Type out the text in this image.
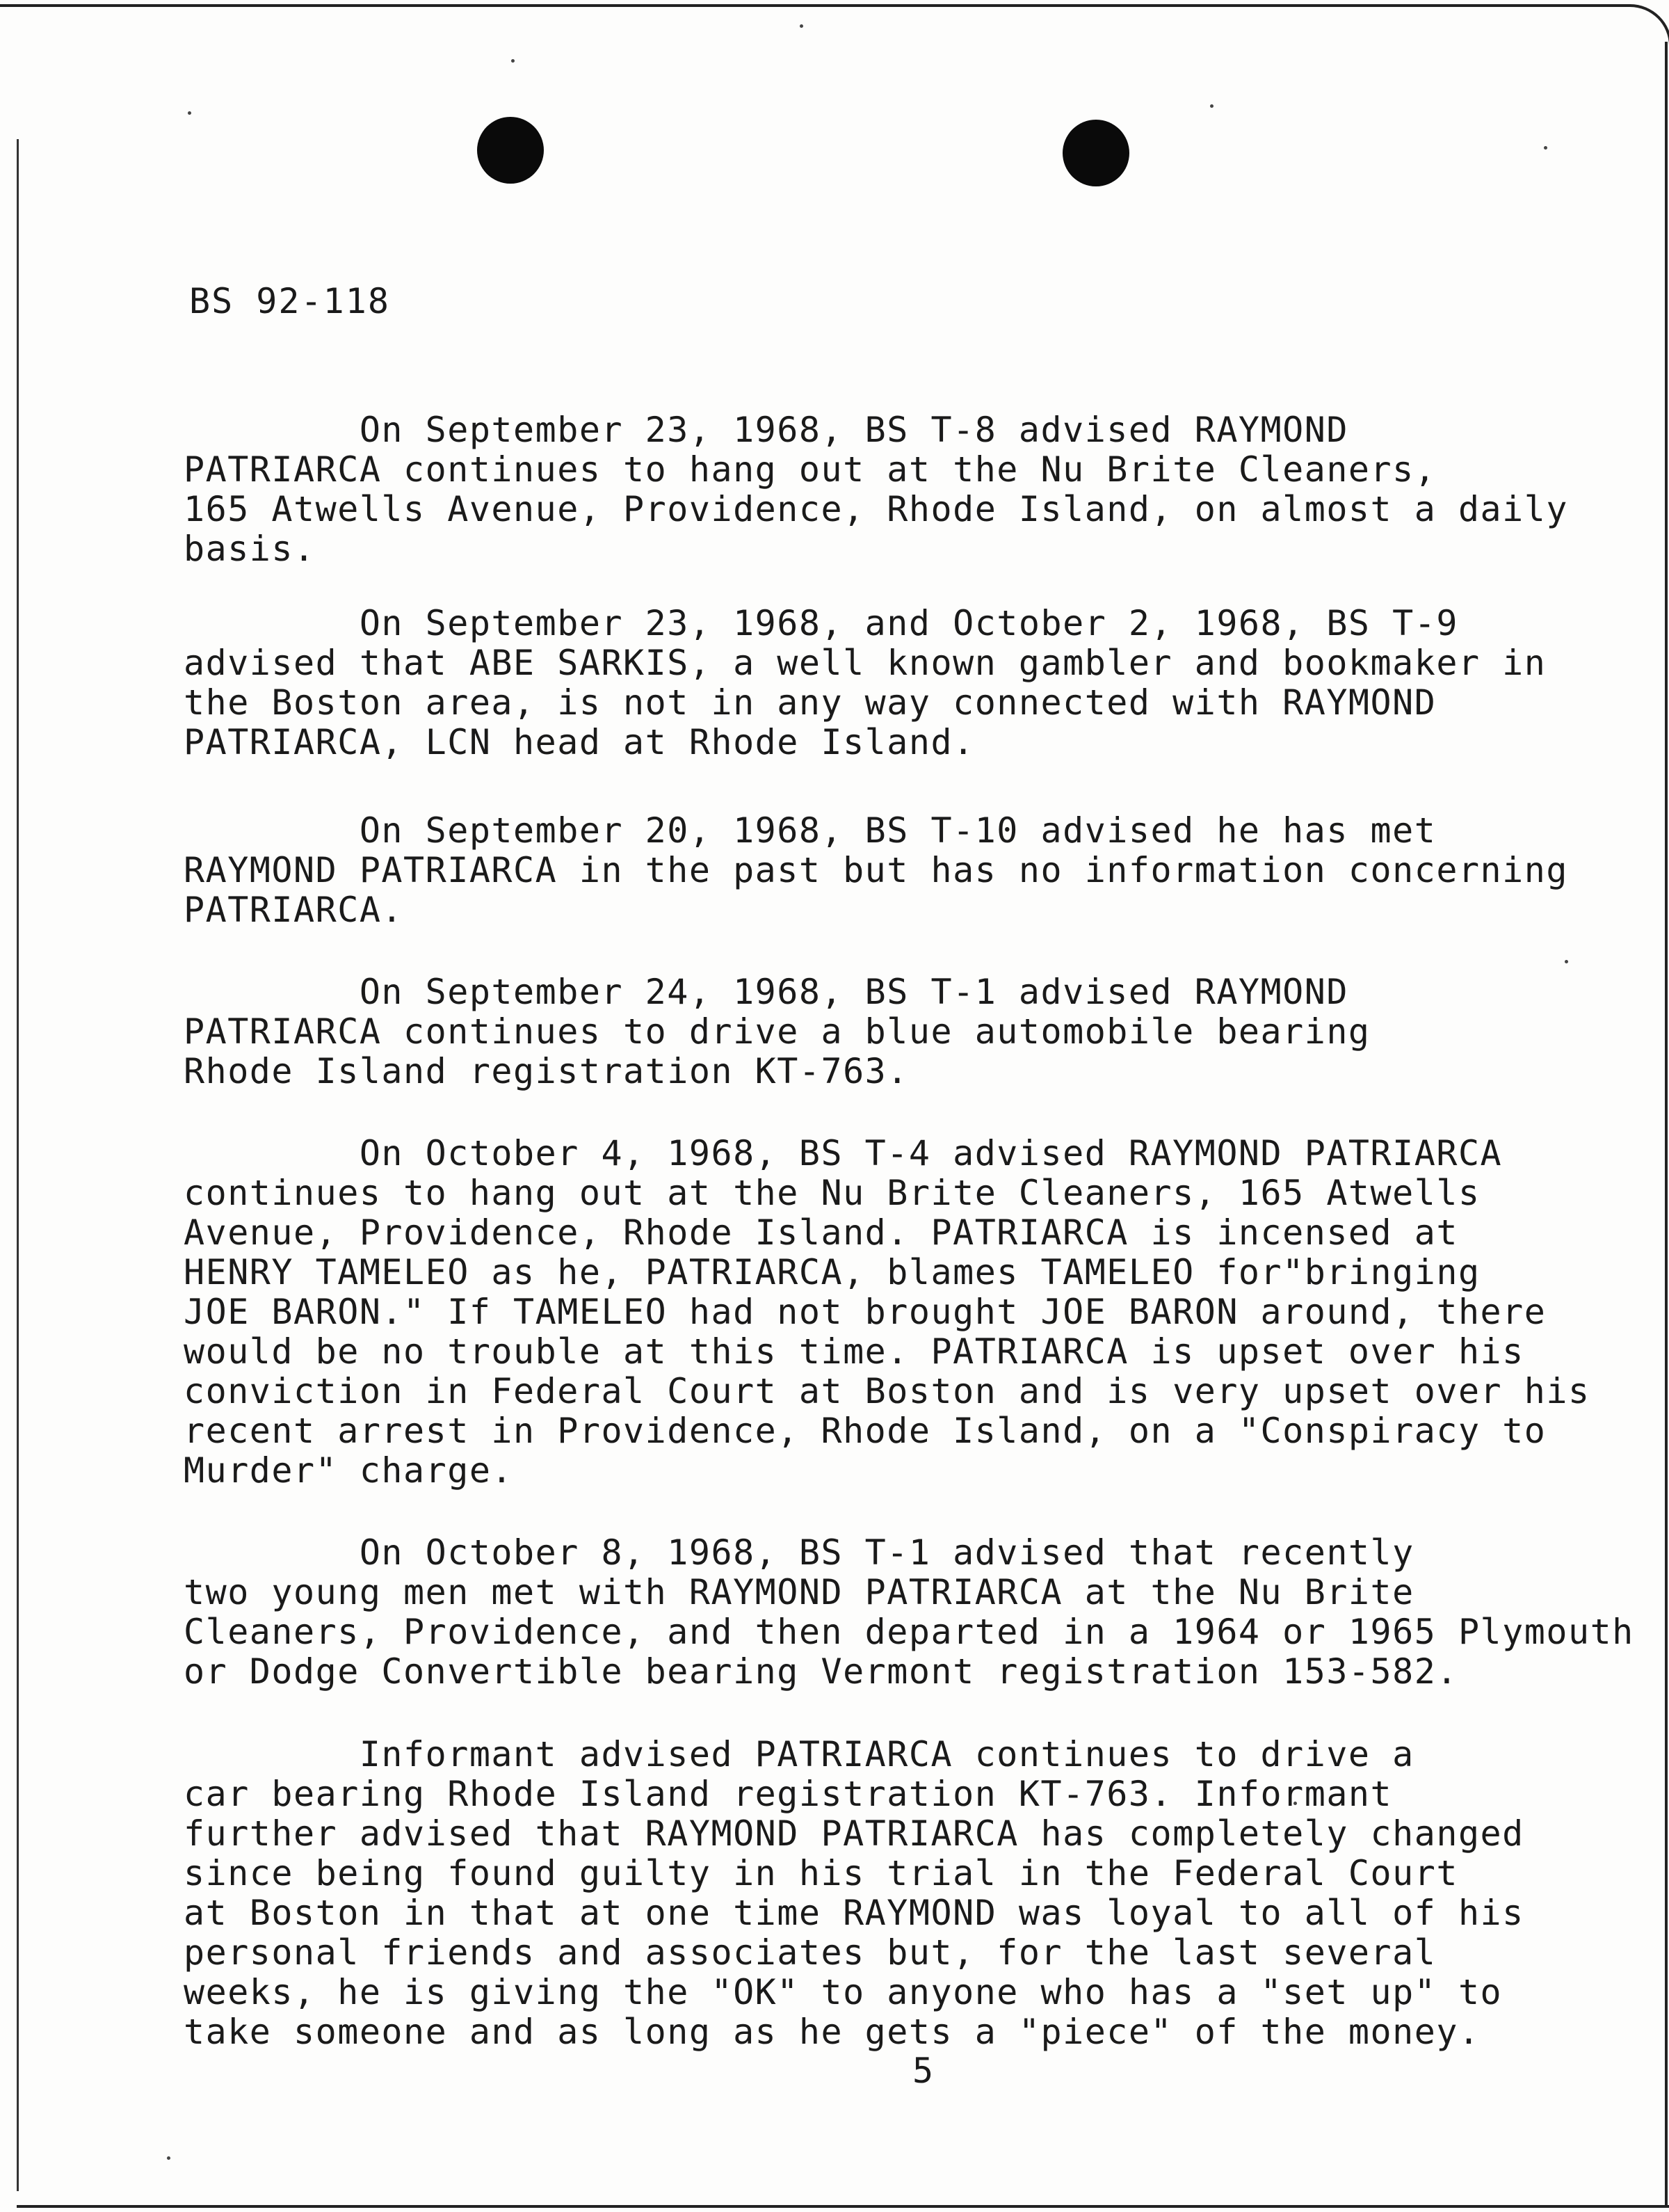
BS 92-118
On September 23, 1968, BS T-8 advised RAYMOND
PATRIARCA continues to hang out at the Nu Brite Cleaners,
165 Atwells Avenue, Providence, Rhode Island, on almost a daily
basis.
On September 23, 1968, and October 2, 1968, BS T-9
advised that ABE SARKIS, a well known gambler and bookmaker in
the Boston area, is not in any way connected with RAYMOND
PATRIARCA, LCN head at Rhode Island.
On September 20, 1968, BS T-10 advised he has met
RAYMOND PATRIARCA in the past but has no information concerning
PATRIARCA.
On September 24, 1968, BS T-1 advised RAYMOND
PATRIARCA continues to drive a blue automobile bearing
Rhode Island registration KT-763.
On October 4, 1968, BS T-4 advised RAYMOND PATRIARCA
continues to hang out at the Nu Brite Cleaners, 165 Atwells
Avenue, Providence, Rhode Island. PATRIARCA is incensed at
HENRY TAMELEO as he, PATRIARCA, blames TAMELEO for"bringing
JOE BARON." If TAMELEO had not brought JOE BARON around, there
would be no trouble at this time. PATRIARCA is upset over his
conviction in Federal Court at Boston and is very upset over his
recent arrest in Providence, Rhode Island, on a "Conspiracy to
Murder" charge.
On October 8, 1968, BS T-1 advised that recently
two young men met with RAYMOND PATRIARCA at the Nu Brite
Cleaners, Providence, and then departed in a 1964 or 1965 Plymouth
or Dodge Convertible bearing Vermont registration 153-582.
Informant advised PATRIARCA continues to drive a
car bearing Rhode Island registration KT-763. Informant
further advised that RAYMOND PATRIARCA has completely changed
since being found guilty in his trial in the Federal Court
at Boston in that at one time RAYMOND was loyal to all of his
personal friends and associates but, for the last several
weeks, he is giving the "OK" to anyone who has a "set up" to
take someone and as long as he gets a "piece" of the money.
5
